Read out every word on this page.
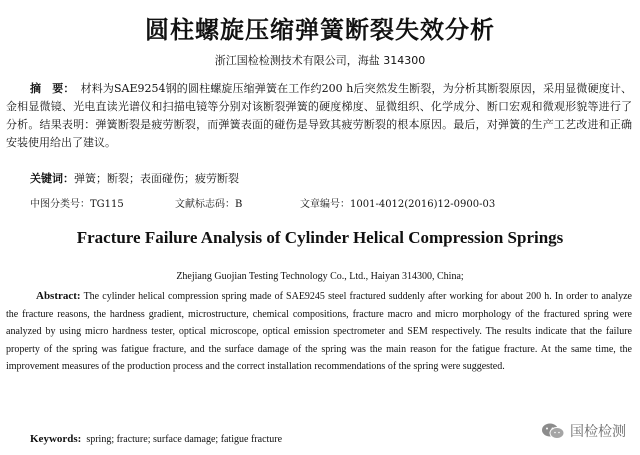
圆柱螺旋压缩弹簧断裂失效分析
浙江国检检测技术有限公司，海盐 314300
摘　要： 材料为SAE9254钢的圆柱螺旋压缩弹簧在工作约200 h后突然发生断裂，为分析其断裂原因，采用显微硬度计、金相显微镜、光电直读光谱仪和扫描电镜等分别对该断裂弹簧的硬度梯度、显微组织、化学成分、断口宏观和微观形貌等进行了分析。结果表明：弹簧断裂是疲劳断裂，而弹簧表面的碰伤是导致其疲劳断裂的根本原因。最后，对弹簧的生产工艺改进和正确安装使用给出了建议。
关键词：弹簧；断裂；表面碰伤；疲劳断裂
中图分类号：TG115	文献标志码：B	文章编号：1001-4012(2016)12-0900-03
Fracture Failure Analysis of Cylinder Helical Compression Springs
Zhejiang Guojian Testing Technology Co., Ltd., Haiyan 314300, China;
Abstract: The cylinder helical compression spring made of SAE9245 steel fractured suddenly after working for about 200 h. In order to analyze the fracture reasons, the hardness gradient, microstructure, chemical compositions, fracture macro and micro morphology of the fractured spring were analyzed by using micro hardness tester, optical microscope, optical emission spectrometer and SEM respectively. The results indicate that the failure property of the spring was fatigue fracture, and the surface damage of the spring was the main reason for the fatigue fracture. At the same time, the improvement measures of the production process and the correct installation recommendations of the spring were suggested.
Keywords: spring; fracture; surface damage; fatigue fracture	国检检测
